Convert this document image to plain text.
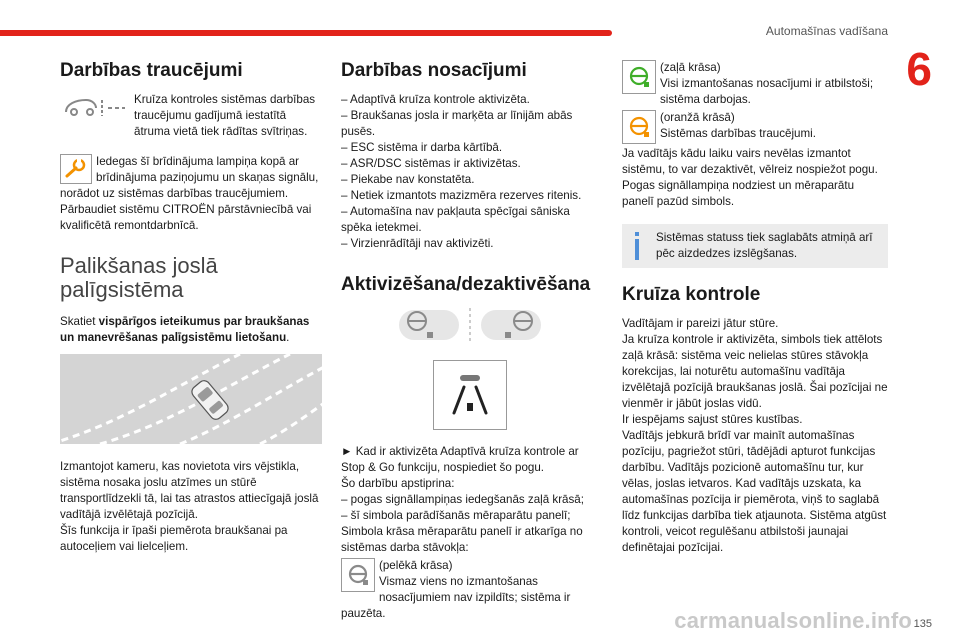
Automašīnas vadīšana
6
Darbības traucējumi

Kruīza kontroles sistēmas darbības traucējumu gadījumā iestatītā ātruma vietā tiek rādītas svītriņas.

Iedegas šī brīdinājuma lampiņa kopā ar brīdinājuma paziņojumu un skaņas signālu, norādot uz sistēmas darbības traucējumiem.

Pārbaudiet sistēmu CITROËN pārstāvniecībā vai kvalificētā remontdarbnīcā.

Palikšanas joslā palīgsistēma

Skatiet vispārīgos ieteikumus par braukšanas un manevrēšanas palīgsistēmu lietošanu.

Izmantojot kameru, kas novietota virs vējstikla, sistēma nosaka joslu atzīmes un stūrē transportlīdzekli tā, lai tas atrastos attiecīgajā joslā vadītājā izvēlētajā pozīcijā.

Šīs funkcija ir īpaši piemērota braukšanai pa autoceļiem vai lielceļiem.

Darbības nosacījumi

– Adaptīvā kruīza kontrole aktivizēta.

– Braukšanas josla ir marķēta ar līnijām abās pusēs.

– ESC sistēma ir darba kārtībā.

– ASR/DSC sistēmas ir aktivizētas.

– Piekabe nav konstatēta.

– Netiek izmantots mazizmēra rezerves ritenis.

– Automašīna nav pakļauta spēcīgai sāniska spēka ietekmei.

– Virzienrādītāji nav aktivizēti.

Aktivizēšana/dezaktivēšana

► Kad ir aktivizēta Adaptīvā kruīza kontrole ar Stop & Go funkciju, nospiediet šo pogu.

Šo darbību apstiprina:

– pogas signāllampiņas iedegšanās zaļā krāsā;

– šī simbola parādīšanās mēraparātu panelī;

Simbola krāsa mēraparātu panelī ir atkarīga no sistēmas darba stāvokļa:

(pelēkā krāsa)

Vismaz viens no izmantošanas nosacījumiem nav izpildīts; sistēma ir pauzēta.

(zaļā krāsa)

Visi izmantošanas nosacījumi ir atbilstoši; sistēma darbojas.

(oranžā krāsā)

Sistēmas darbības traucējumi.

Ja vadītājs kādu laiku vairs nevēlas izmantot sistēmu, to var dezaktivēt, vēlreiz nospiežot pogu.

Pogas signāllampiņa nodziest un mēraparātu panelī pazūd simbols.

Sistēmas statuss tiek saglabāts atmiņā arī pēc aizdedzes izslēgšanas.

Kruīza kontrole

Vadītājam ir pareizi jātur stūre.

Ja kruīza kontrole ir aktivizēta, simbols tiek attēlots zaļā krāsā: sistēma veic nelielas stūres stāvokļa korekcijas, lai noturētu automašīnu vadītāja izvēlētajā pozīcijā braukšanas joslā. Šai pozīcijai ne vienmēr ir jābūt joslas vidū.

Ir iespējams sajust stūres kustības.

Vadītājs jebkurā brīdī var mainīt automašīnas pozīciju, pagriežot stūri, tādējādi apturot funkcijas darbību. Vadītājs pozicionē automašīnu tur, kur vēlas, joslas ietvaros. Kad vadītājs uzskata, ka automašīnas pozīcija ir piemērota, viņš to saglabā līdz funkcijas darbība tiek atjaunota. Sistēma atgūst kontroli, veicot regulēšanu atbilstoši jaunajai definētajai pozīcijai.

carmanualsonline.info 135
